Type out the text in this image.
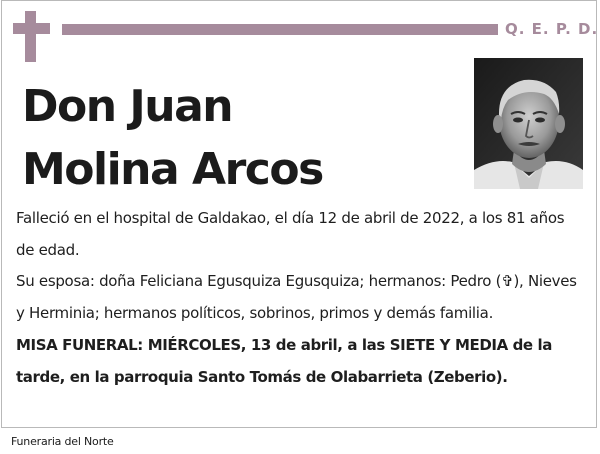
Q. E. P. D.
Don Juan
Molina Arcos
Falleció en el hospital de Galdakao, el día 12 de abril de 2022, a los 81 años de edad.
Su esposa: doña Feliciana Egusquiza Egusquiza; hermanos: Pedro (✞), Nieves y Herminia; hermanos políticos, sobrinos, primos y demás familia.
MISA FUNERAL: MIÉRCOLES, 13 de abril, a las SIETE Y MEDIA de la tarde, en la parroquia Santo Tomás de Olabarrieta (Zeberio).
Funeraria del Norte
